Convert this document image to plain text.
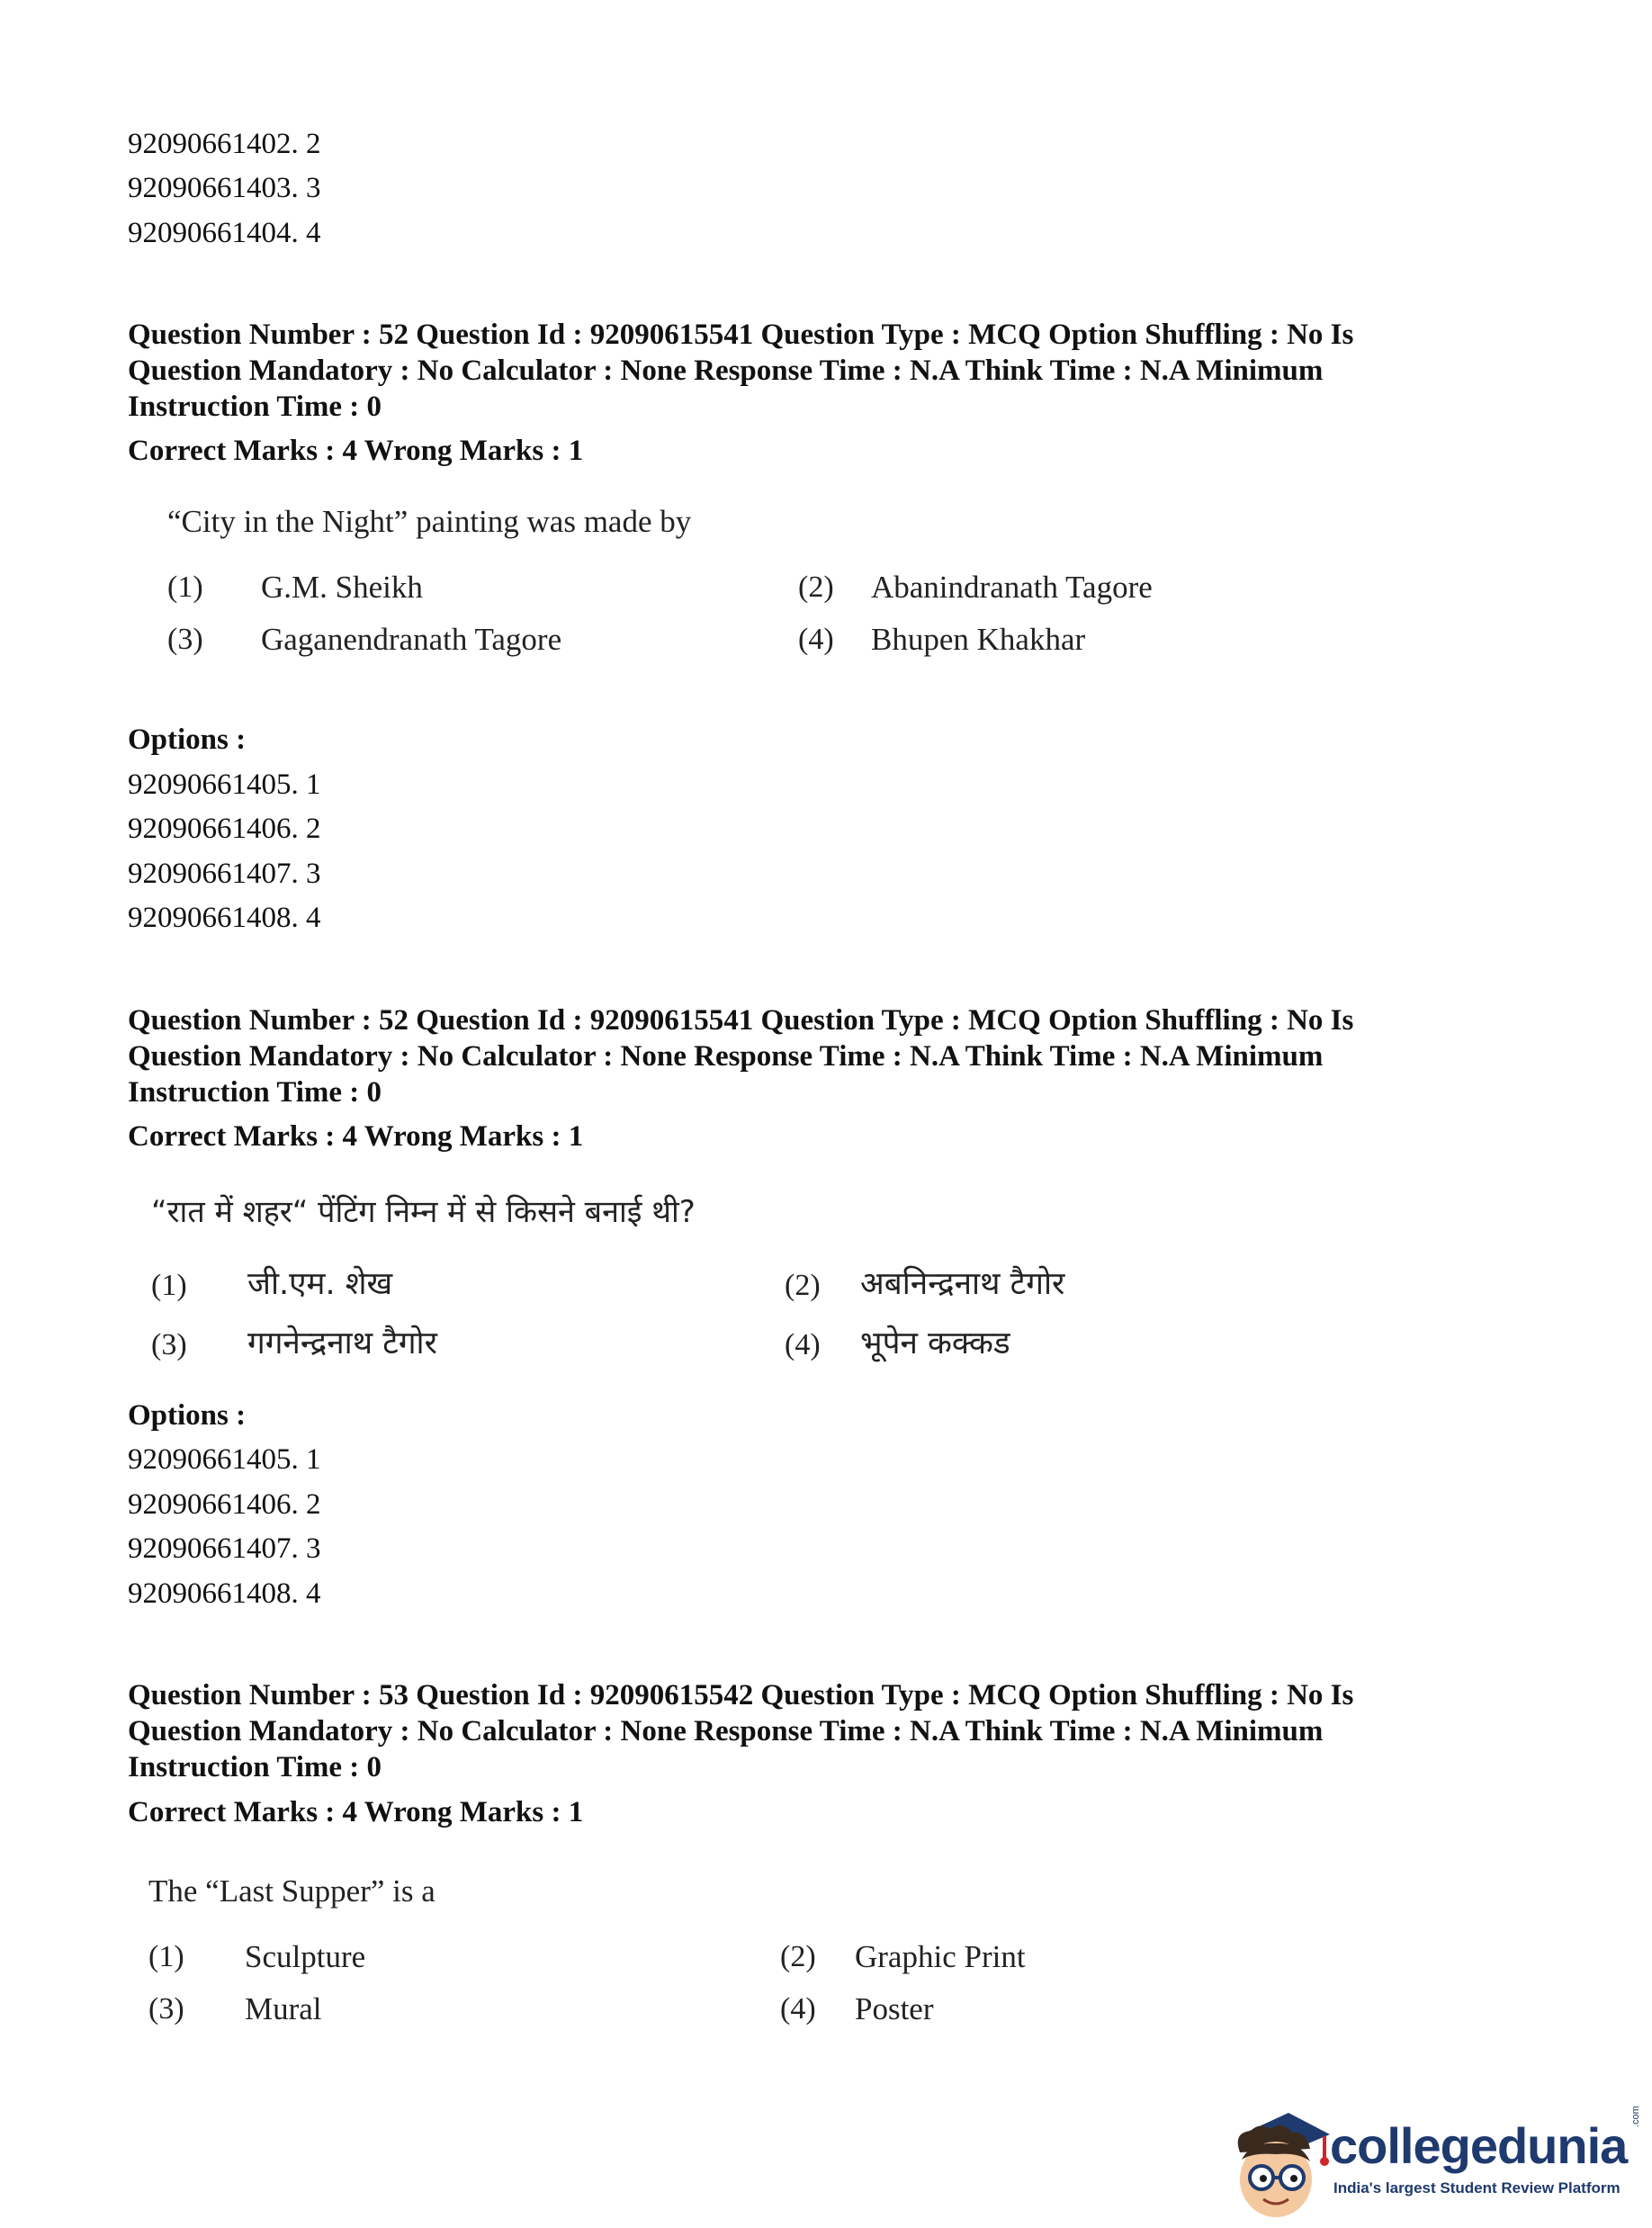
92090661402. 2
92090661403. 3
92090661404. 4
Question Number : 52 Question Id : 92090615541 Question Type : MCQ Option Shuffling : No Is
Question Mandatory : No Calculator : None Response Time : N.A Think Time : N.A Minimum
Instruction Time : 0
Correct Marks : 4 Wrong Marks : 1
“City in the Night” painting was made by
(1) G.M. Sheikh	(2) Abanindranath Tagore
(3) Gaganendranath Tagore	(4) Bhupen Khakhar
Options :
92090661405. 1
92090661406. 2
92090661407. 3
92090661408. 4
Question Number : 52 Question Id : 92090615541 Question Type : MCQ Option Shuffling : No Is
Question Mandatory : No Calculator : None Response Time : N.A Think Time : N.A Minimum
Instruction Time : 0
Correct Marks : 4 Wrong Marks : 1
“रात में शहर“ पेंटिंग निम्न में से किसने बनाई थी?
(1) जी.एम. शेख	(2) अबनिन्द्रनाथ टैगोर
(3) गगनेन्द्रनाथ टैगोर	(4) भूपेन कक्कड
Options :
92090661405. 1
92090661406. 2
92090661407. 3
92090661408. 4
Question Number : 53 Question Id : 92090615542 Question Type : MCQ Option Shuffling : No Is
Question Mandatory : No Calculator : None Response Time : N.A Think Time : N.A Minimum
Instruction Time : 0
Correct Marks : 4 Wrong Marks : 1
The “Last Supper” is a
(1) Sculpture	(2) Graphic Print
(3) Mural	(4) Poster
collegedunia
.com
India's largest Student Review Platform
